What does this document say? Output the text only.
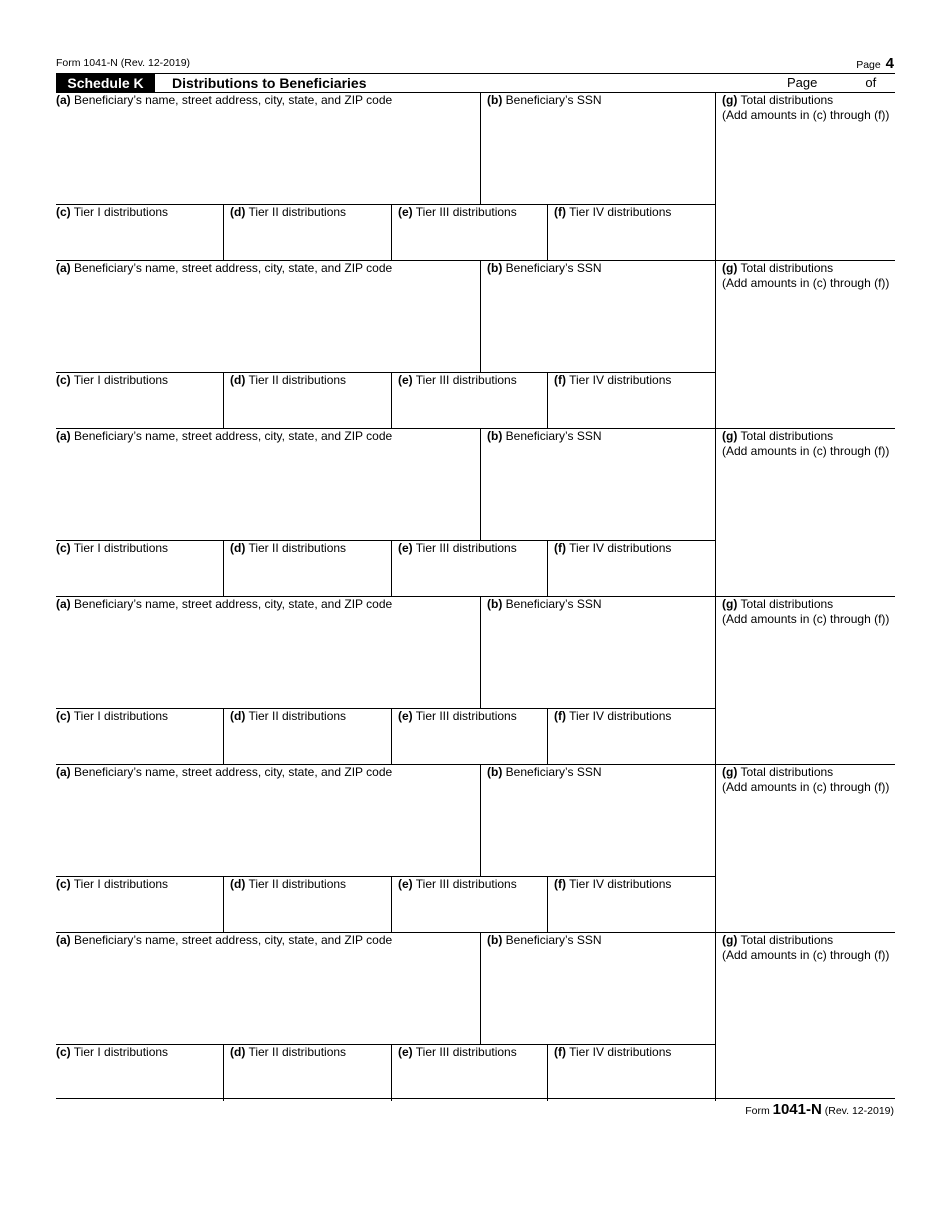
Form 1041-N (Rev. 12-2019)	Page 4
Schedule K	Distributions to Beneficiaries	Page	of
(a) Beneficiary’s name, street address, city, state, and ZIP code	(b) Beneficiary’s SSN	(g) Total distributions
(Add amounts in (c) through (f))
(c) Tier I distributions	(d) Tier II distributions	(e) Tier III distributions	(f) Tier IV distributions
(a) Beneficiary’s name, street address, city, state, and ZIP code	(b) Beneficiary’s SSN	(g) Total distributions
(Add amounts in (c) through (f))
(c) Tier I distributions	(d) Tier II distributions	(e) Tier III distributions	(f) Tier IV distributions
(a) Beneficiary’s name, street address, city, state, and ZIP code	(b) Beneficiary’s SSN	(g) Total distributions
(Add amounts in (c) through (f))
(c) Tier I distributions	(d) Tier II distributions	(e) Tier III distributions	(f) Tier IV distributions
(a) Beneficiary’s name, street address, city, state, and ZIP code	(b) Beneficiary’s SSN	(g) Total distributions
(Add amounts in (c) through (f))
(c) Tier I distributions	(d) Tier II distributions	(e) Tier III distributions	(f) Tier IV distributions
(a) Beneficiary’s name, street address, city, state, and ZIP code	(b) Beneficiary’s SSN	(g) Total distributions
(Add amounts in (c) through (f))
(c) Tier I distributions	(d) Tier II distributions	(e) Tier III distributions	(f) Tier IV distributions
(a) Beneficiary’s name, street address, city, state, and ZIP code	(b) Beneficiary’s SSN	(g) Total distributions
(Add amounts in (c) through (f))
(c) Tier I distributions	(d) Tier II distributions	(e) Tier III distributions	(f) Tier IV distributions
Form 1041-N (Rev. 12-2019)
